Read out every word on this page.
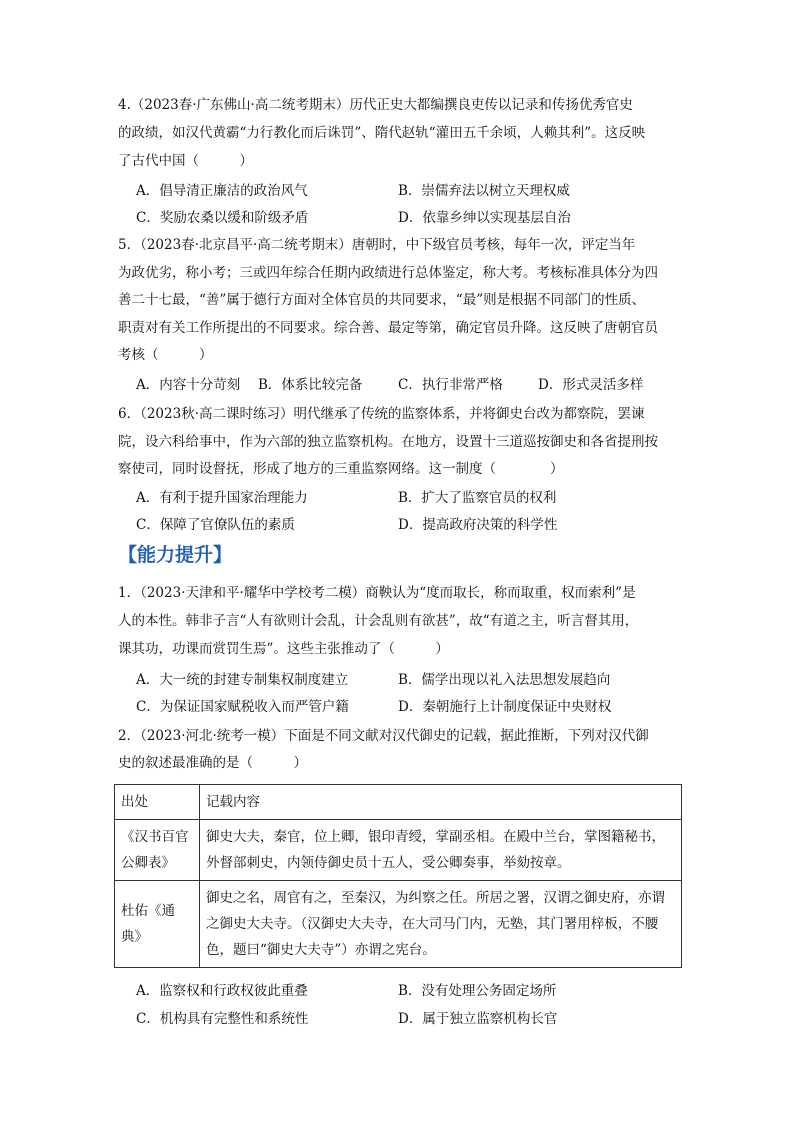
4.（2023春·广东佛山·高二统考期末）历代正史大都编撰良吏传以记录和传扬优秀官史
的政绩，如汉代黄霸“力行教化而后诛罚”、隋代赵轨“灌田五千余顷，人赖其利”。这反映
了古代中国（　　　）
A．倡导清正廉洁的政治风气	B．崇儒弃法以树立天理权威
C．奖励农桑以缓和阶级矛盾	D．依靠乡绅以实现基层自治
5．（2023春·北京昌平·高二统考期末）唐朝时，中下级官员考核，每年一次，评定当年
为政优劣，称小考；三或四年综合任期内政绩进行总体鉴定，称大考。考核标准具体分为四
善二十七最，“善”属于德行方面对全体官员的共同要求，“最”则是根据不同部门的性质、
职责对有关工作所提出的不同要求。综合善、最定等第，确定官员升降。这反映了唐朝官员
考核（　　　）
A．内容十分苛刻 B．体系比较完备	C．执行非常严格	D．形式灵活多样
6．（2023秋·高二课时练习）明代继承了传统的监察体系，并将御史台改为都察院，罢谏
院，设六科给事中，作为六部的独立监察机构。在地方，设置十三道巡按御史和各省提刑按
察使司，同时设督抚，形成了地方的三重监察网络。这一制度（　　　　）
A．有利于提升国家治理能力	B．扩大了监察官员的权利
C．保障了官僚队伍的素质	D．提高政府决策的科学性
【能力提升】
1．（2023·天津和平·耀华中学校考二模）商鞅认为“度而取长，称而取重，权而索利”是
人的本性。韩非子言“人有欲则计会乱，计会乱则有欲甚”，故“有道之主，听言督其用，
课其功，功课而赏罚生焉”。这些主张推动了（　　　）
A．大一统的封建专制集权制度建立	B．儒学出现以礼入法思想发展趋向
C．为保证国家赋税收入而严管户籍	D．秦朝施行上计制度保证中央财权
2．（2023·河北·统考一模）下面是不同文献对汉代御史的记载，据此推断，下列对汉代御
史的叙述最准确的是（　　　）
出处	记载内容
《汉书百官公卿表》	御史大夫，秦官，位上卿，银印青绶，掌副丞相。在殿中兰台，掌图籍秘书，外督部刺史，内领侍御史员十五人，受公卿奏事，举劾按章。
杜佑《通典》	御史之名，周官有之，至秦汉，为纠察之任。所居之署，汉谓之御史府，亦谓之御史大夫寺。（汉御史大夫寺，在大司马门内，无塾，其门署用梓板，不腰色，题曰“御史大夫寺”）亦谓之宪台。
A．监察权和行政权彼此重叠	B．没有处理公务固定场所
C．机构具有完整性和系统性	D．属于独立监察机构长官
